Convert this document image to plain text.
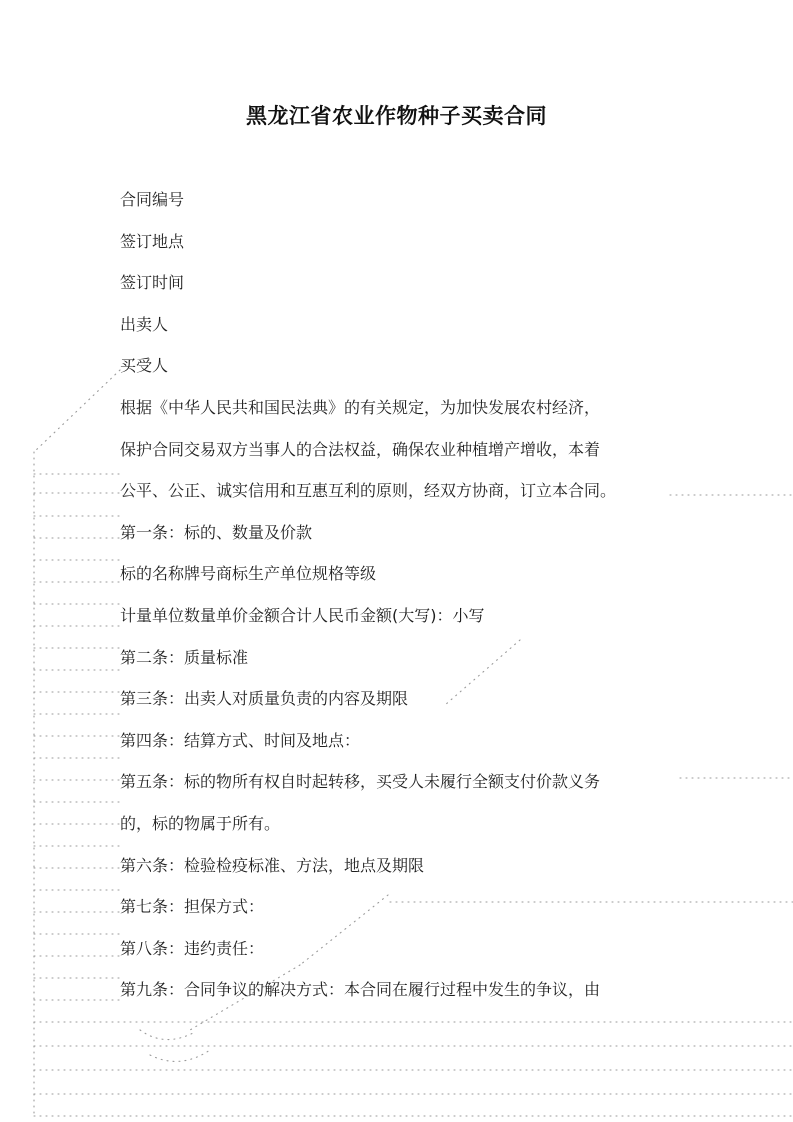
黑龙江省农业作物种子买卖合同
合同编号
签订地点
签订时间
出卖人
买受人
根据《中华人民共和国民法典》的有关规定，为加快发展农村经济，
保护合同交易双方当事人的合法权益，确保农业种植增产增收，本着
公平、公正、诚实信用和互惠互利的原则，经双方协商，订立本合同。
第一条：标的、数量及价款
标的名称牌号商标生产单位规格等级
计量单位数量单价金额合计人民币金额(大写)：小写
第二条：质量标准
第三条：出卖人对质量负责的内容及期限
第四条：结算方式、时间及地点：
第五条：标的物所有权自时起转移，买受人未履行全额支付价款义务
的，标的物属于所有。
第六条：检验检疫标准、方法，地点及期限
第七条：担保方式：
第八条：违约责任：
第九条：合同争议的解决方式：本合同在履行过程中发生的争议，由
